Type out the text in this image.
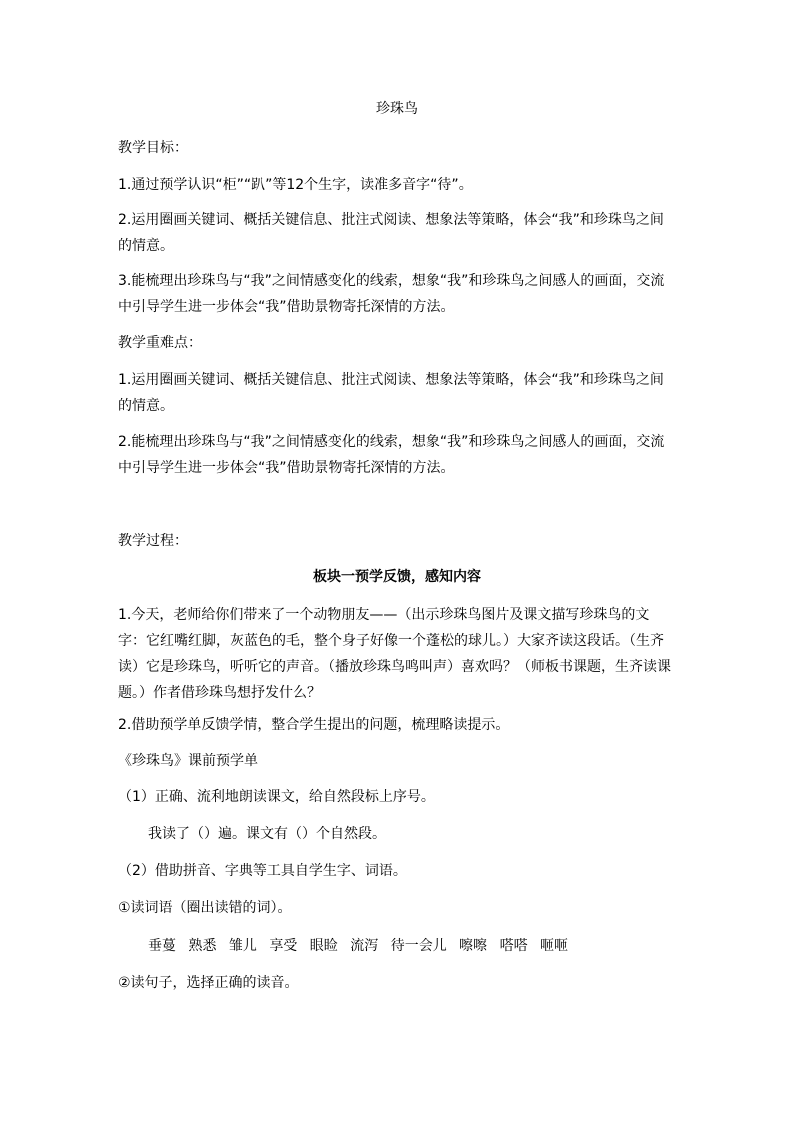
珍珠鸟
教学目标：
1.通过预学认识“柜”“趴”等12个生字，读准多音字“待”。
2.运用圈画关键词、概括关键信息、批注式阅读、想象法等策略，体会“我”和珍珠鸟之间的情意。
3.能梳理出珍珠鸟与“我”之间情感变化的线索，想象“我”和珍珠鸟之间感人的画面，交流中引导学生进一步体会“我”借助景物寄托深情的方法。
教学重难点：
1.运用圈画关键词、概括关键信息、批注式阅读、想象法等策略，体会“我”和珍珠鸟之间的情意。
2.能梳理出珍珠鸟与“我”之间情感变化的线索，想象“我”和珍珠鸟之间感人的画面，交流中引导学生进一步体会“我”借助景物寄托深情的方法。
教学过程：
板块一预学反馈，感知内容
1.今天，老师给你们带来了一个动物朋友——（出示珍珠鸟图片及课文描写珍珠鸟的文字：它红嘴红脚，灰蓝色的毛，整个身子好像一个蓬松的球儿。）大家齐读这段话。（生齐读）它是珍珠鸟，听听它的声音。（播放珍珠鸟鸣叫声）喜欢吗？（师板书课题，生齐读课题。）作者借珍珠鸟想抒发什么？
2.借助预学单反馈学情，整合学生提出的问题，梳理略读提示。
《珍珠鸟》课前预学单
（1）正确、流利地朗读课文，给自然段标上序号。
我读了（）遍。课文有（）个自然段。
（2）借助拼音、字典等工具自学生字、词语。
①读词语（圈出读错的词）。
垂蔓 熟悉 雏儿 享受 眼睑 流泻 待一会儿 嚓嚓 嗒嗒 咂咂
②读句子，选择正确的读音。
